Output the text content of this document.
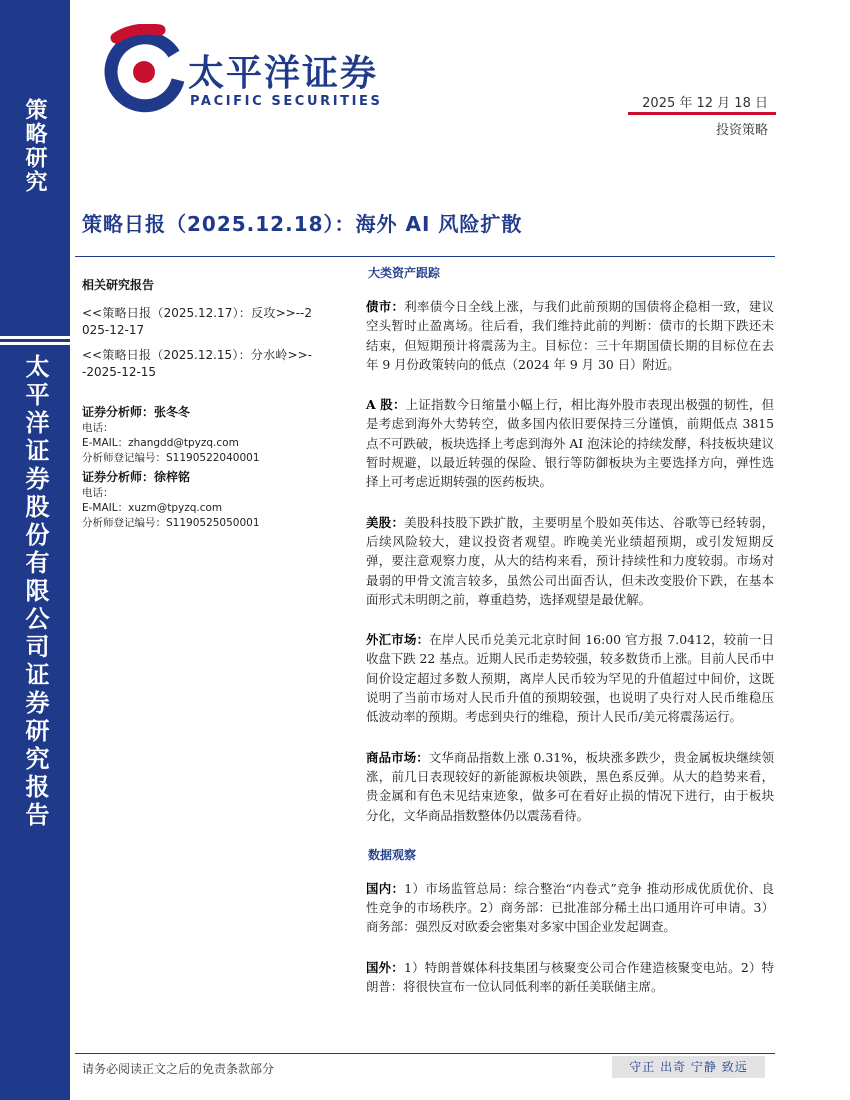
策略研究
太平洋证券股份有限公司证券研究报告
太平洋证券
PACIFIC SECURITIES	2025 年 12 月 18 日
投资策略
策略日报（2025.12.18）：海外 AI 风险扩散
相关研究报告
<<策略日报（2025.12.17）：反攻>>--2025-12-17
<<策略日报（2025.12.15）：分水岭>>--2025-12-15
证券分析师：张冬冬
电话：
E-MAIL：zhangdd@tpyzq.com
分析师登记编号：S1190522040001
证券分析师：徐梓铭
电话：
E-MAIL：xuzm@tpyzq.com
分析师登记编号：S1190525050001
大类资产跟踪

债市：利率债今日全线上涨，与我们此前预期的国债将企稳相一致，建议空头暂时止盈离场。往后看，我们维持此前的判断：债市的长期下跌还未结束，但短期预计将震荡为主。目标位：三十年期国债长期的目标位在去年 9 月份政策转向的低点（2024 年 9 月 30 日）附近。

A 股：上证指数今日缩量小幅上行，相比海外股市表现出极强的韧性，但是考虑到海外大势转空，做多国内依旧要保持三分谨慎，前期低点 3815 点不可跌破，板块选择上考虑到海外 AI 泡沫论的持续发酵，科技板块建议暂时规避，以最近转强的保险、银行等防御板块为主要选择方向，弹性选择上可考虑近期转强的医药板块。

美股：美股科技股下跌扩散，主要明星个股如英伟达、谷歌等已经转弱，后续风险较大，建议投资者观望。昨晚美光业绩超预期，或引发短期反弹，要注意观察力度，从大的结构来看，预计持续性和力度较弱。市场对最弱的甲骨文流言较多，虽然公司出面否认，但未改变股价下跌，在基本面形式未明朗之前，尊重趋势，选择观望是最优解。

外汇市场：在岸人民币兑美元北京时间 16:00 官方报 7.0412，较前一日收盘下跌 22 基点。近期人民币走势较强，较多数货币上涨。目前人民币中间价设定超过多数人预期，离岸人民币较为罕见的升值超过中间价，这既说明了当前市场对人民币升值的预期较强，也说明了央行对人民币维稳压低波动率的预期。考虑到央行的维稳，预计人民币/美元将震荡运行。

商品市场：文华商品指数上涨 0.31%，板块涨多跌少，贵金属板块继续领涨，前几日表现较好的新能源板块领跌，黑色系反弹。从大的趋势来看，贵金属和有色未见结束迹象，做多可在看好止损的情况下进行，由于板块分化，文华商品指数整体仍以震荡看待。

数据观察

国内：1）市场监管总局：综合整治“内卷式”竞争 推动形成优质优价、良性竞争的市场秩序。2）商务部：已批准部分稀土出口通用许可申请。3）商务部：强烈反对欧委会密集对多家中国企业发起调查。

国外：1）特朗普媒体科技集团与核聚变公司合作建造核聚变电站。2）特朗普：将很快宣布一位认同低利率的新任美联储主席。

请务必阅读正文之后的免责条款部分	守正 出奇 宁静 致远
